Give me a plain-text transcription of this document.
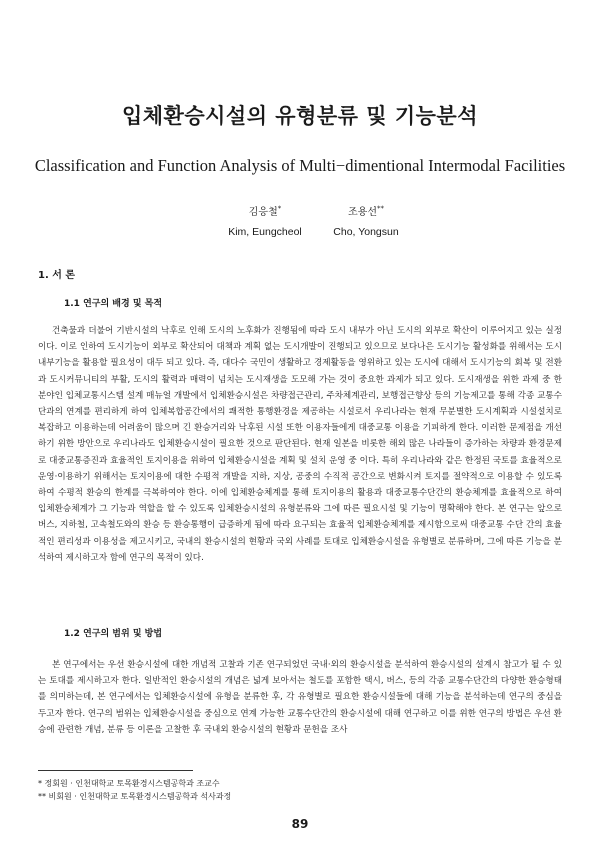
입체환승시설의 유형분류 및 기능분석
Classification and Function Analysis of Multi−dimentional Intermodal Facilities
김응철*
Kim, Eungcheol
조용선**
Cho, Yongsun
1. 서 론
1.1 연구의 배경 및 목적

건축물과 더불어 기반시설의 낙후로 인해 도시의 노후화가 진행됨에 따라 도시 내부가 아닌 도시의 외부로 확산이 이루어지고 있는 실정이다. 이로 인하여 도시기능이 외부로 확산되어 대책과 계획 없는 도시개발이 진행되고 있으므로 보다나은 도시기능 활성화를 위해서는 도시내부기능을 활용할 필요성이 대두 되고 있다. 즉, 대다수 국민이 생활하고 경제활동을 영위하고 있는 도시에 대해서 도시기능의 회복 및 전환과 도시커뮤니티의 부활, 도시의 활력과 매력이 넘치는 도시재생을 도모해 가는 것이 중요한 과제가 되고 있다. 도시재생을 위한 과제 중 한 분야인 입체교통시스템 설계 매뉴얼 개발에서 입체환승시설은 차량접근관리, 주차체계관리, 보행접근향상 등의 기능제고를 통해 각종 교통수단과의 연계를 편리하게 하여 입체복합공간에서의 쾌적한 통행환경을 제공하는 시설로서 우리나라는 현재 무분별한 도시계획과 시설설치로 복잡하고 이용하는데 어려움이 많으며 긴 환승거리와 낙후된 시설 또한 이용자들에게 대중교통 이용을 기피하게 한다. 이러한 문제점을 개선하기 위한 방안으로 우리나라도 입체환승시설이 필요한 것으로 판단된다. 현재 일본을 비롯한 해외 많은 나라들이 증가하는 차량과 환경문제로 대중교통증진과 효율적인 토지이용을 위하여 입체환승시설을 계획 및 설치 운영 중 이다. 특히 우리나라와 같은 한정된 국토를 효율적으로 운영·이용하기 위해서는 토지이용에 대한 수평적 개발을 지하, 지상, 공중의 수직적 공간으로 변화시켜 토지를 절약적으로 이용할 수 있도록 하여 수평적 환승의 한계를 극복하여야 한다. 이에 입체환승체계를 통해 토지이용의 활용과 대중교통수단간의 환승체계를 효율적으로 하여 입체환승체계가 그 기능과 역할을 할 수 있도록 입체환승시설의 유형분류와 그에 따른 필요시설 및 기능이 명확해야 한다. 본 연구는 앞으로 버스, 지하철, 고속철도와의 환승 등 환승통행이 급증하게 됨에 따라 요구되는 효율적 입체환승체계를 제시함으로써 대중교통 수단 간의 효율적인 편리성과 이용성을 제고시키고, 국내의 환승시설의 현황과 국외 사례를 토대로 입체환승시설을 유형별로 분류하며, 그에 따른 기능을 분석하여 제시하고자 함에 연구의 목적이 있다.

1.2 연구의 범위 및 방법

본 연구에서는 우선 환승시설에 대한 개념적 고찰과 기존 연구되었던 국내·외의 환승시설을 분석하여 환승시설의 설계시 참고가 될 수 있는 토대를 제시하고자 한다. 일반적인 환승시설의 개념은 넓게 보아서는 철도를 포함한 택시, 버스, 등의 각종 교통수단간의 다양한 환승형태를 의미하는데, 본 연구에서는 입체환승시설에 유형을 분류한 후, 각 유형별로 필요한 환승시설들에 대해 기능을 분석하는데 연구의 중심을 두고자 한다. 연구의 범위는 입체환승시설을 중심으로 연계 가능한 교통수단간의 환승시설에 대해 연구하고 이를 위한 연구의 방법은 우선 환승에 관련한 개념, 분류 등 이론을 고찰한 후 국내외 환승시설의 현황과 문헌을 조사

* 정회원 · 인천대학교 토목환경시스템공학과 조교수
** 비회원 · 인천대학교 토목환경시스템공학과 석사과정
89
